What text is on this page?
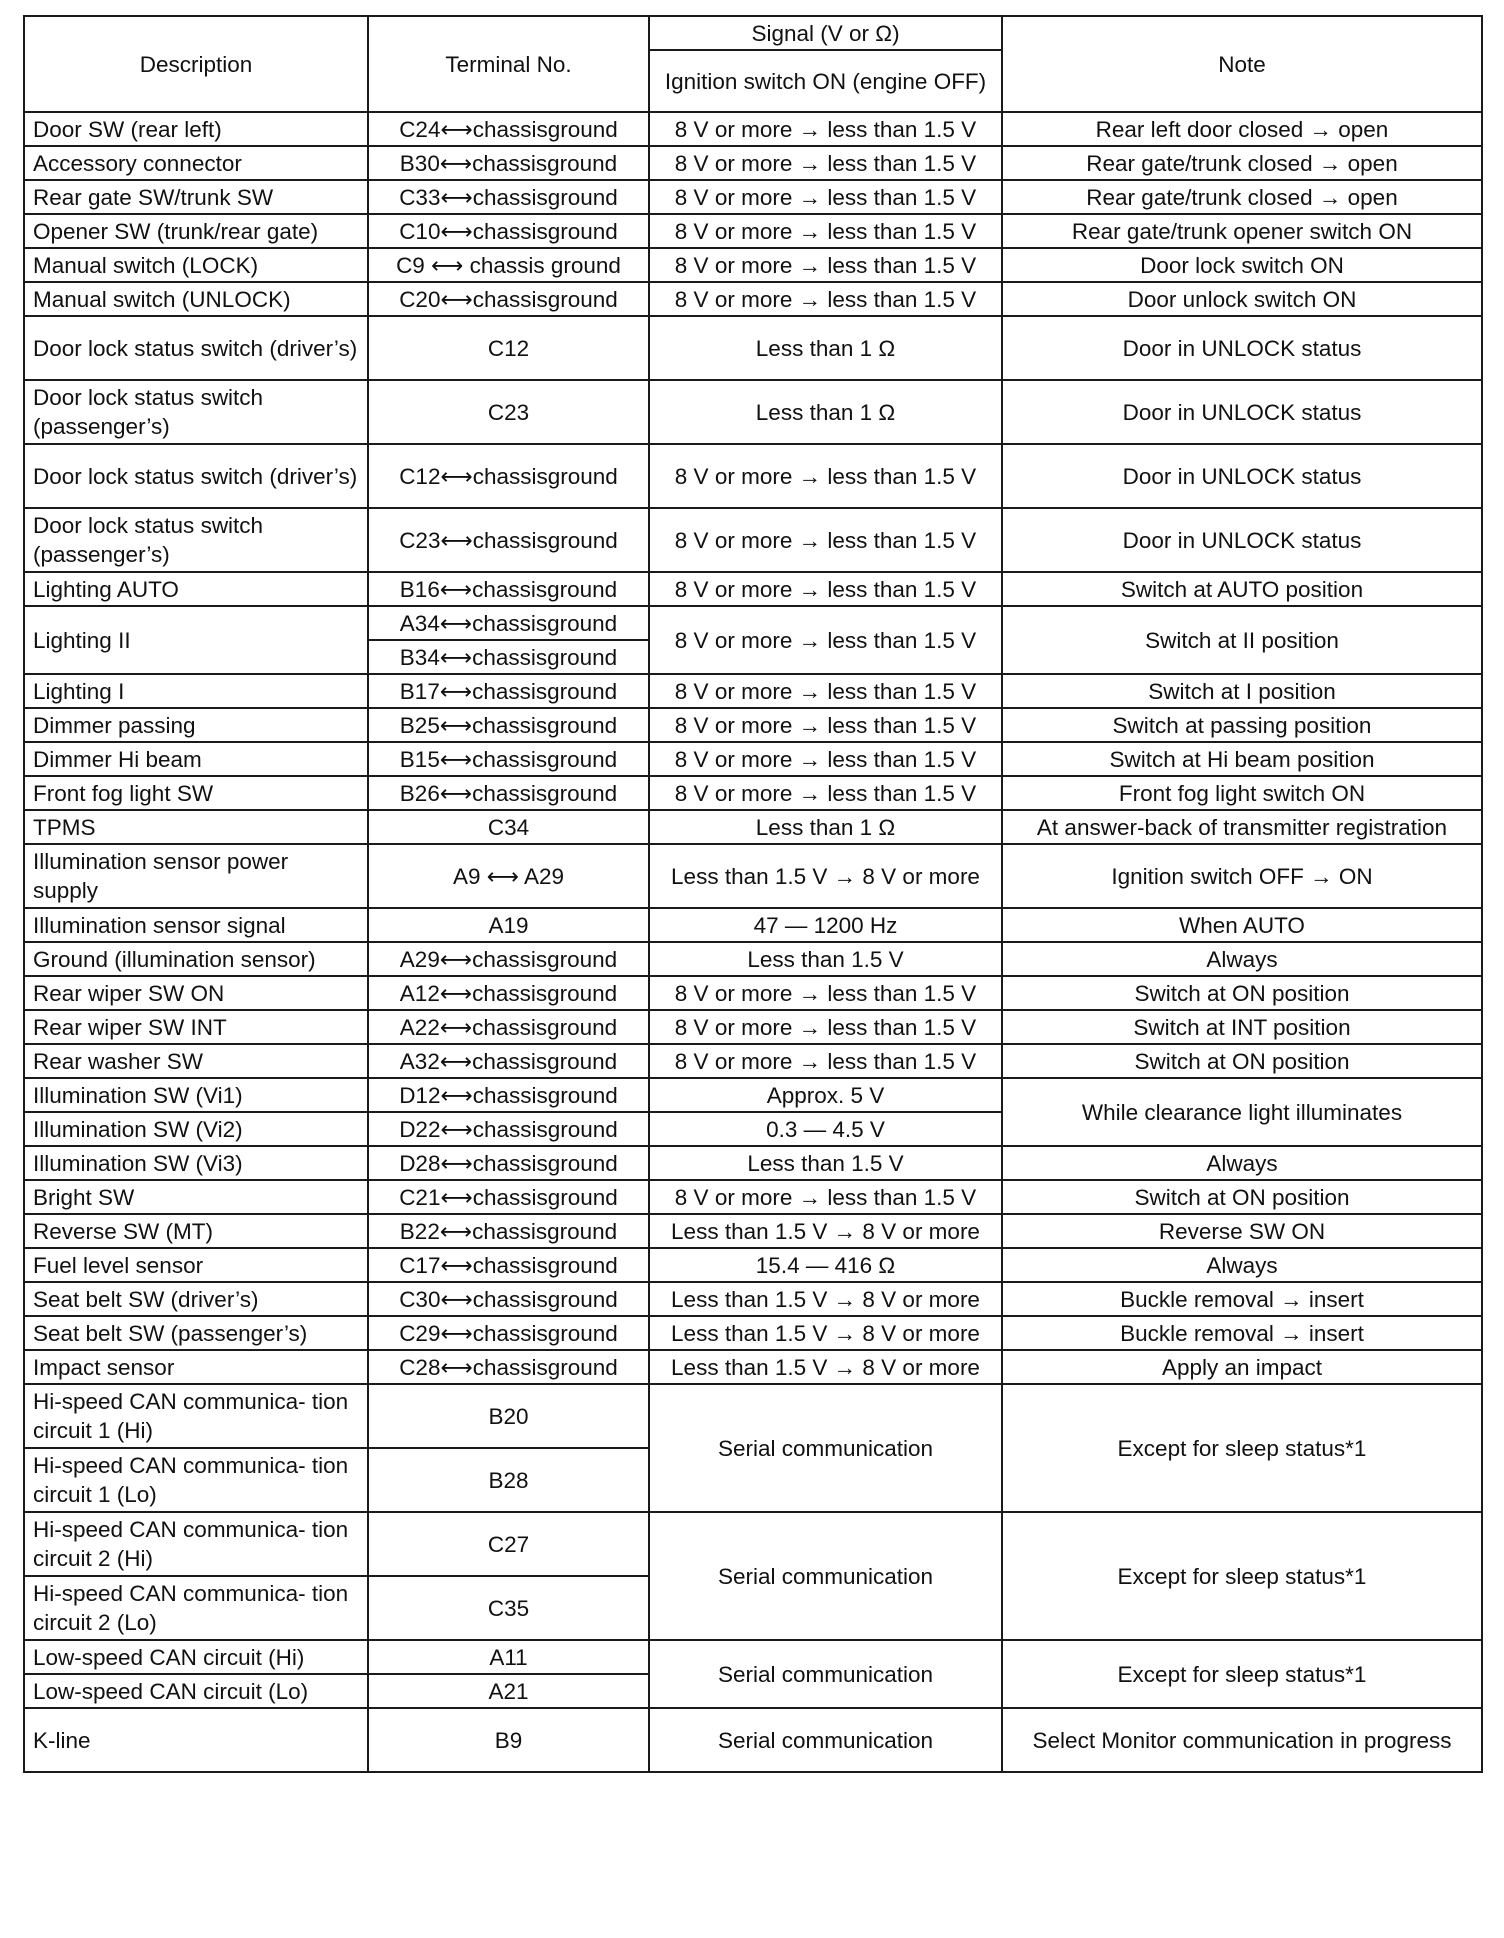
Description	Terminal No.	Signal (V or Ω)	Note
		Ignition switch ON (engine OFF)	
Door SW (rear left)	C24⟷chassisground	8 V or more → less than 1.5 V	Rear left door closed → open
Accessory connector	B30⟷chassisground	8 V or more → less than 1.5 V	Rear gate/trunk closed → open
Rear gate SW/trunk SW	C33⟷chassisground	8 V or more → less than 1.5 V	Rear gate/trunk closed → open
Opener SW (trunk/rear gate)	C10⟷chassisground	8 V or more → less than 1.5 V	Rear gate/trunk opener switch ON
Manual switch (LOCK)	C9 ⟷ chassis ground	8 V or more → less than 1.5 V	Door lock switch ON
Manual switch (UNLOCK)	C20⟷chassisground	8 V or more → less than 1.5 V	Door unlock switch ON
Door lock status switch (driver’s)	C12	Less than 1 Ω	Door in UNLOCK status
Door lock status switch (passenger’s)	C23	Less than 1 Ω	Door in UNLOCK status
Door lock status switch (driver’s)	C12⟷chassisground	8 V or more → less than 1.5 V	Door in UNLOCK status
Door lock status switch (passenger’s)	C23⟷chassisground	8 V or more → less than 1.5 V	Door in UNLOCK status
Lighting AUTO	B16⟷chassisground	8 V or more → less than 1.5 V	Switch at AUTO position
Lighting II	A34⟷chassisground	8 V or more → less than 1.5 V	Switch at II position
	B34⟷chassisground		
Lighting I	B17⟷chassisground	8 V or more → less than 1.5 V	Switch at I position
Dimmer passing	B25⟷chassisground	8 V or more → less than 1.5 V	Switch at passing position
Dimmer Hi beam	B15⟷chassisground	8 V or more → less than 1.5 V	Switch at Hi beam position
Front fog light SW	B26⟷chassisground	8 V or more → less than 1.5 V	Front fog light switch ON
TPMS	C34	Less than 1 Ω	At answer-back of transmitter registration
Illumination sensor power supply	A9 ⟷ A29	Less than 1.5 V → 8 V or more	Ignition switch OFF → ON
Illumination sensor signal	A19	47 — 1200 Hz	When AUTO
Ground (illumination sensor)	A29⟷chassisground	Less than 1.5 V	Always
Rear wiper SW ON	A12⟷chassisground	8 V or more → less than 1.5 V	Switch at ON position
Rear wiper SW INT	A22⟷chassisground	8 V or more → less than 1.5 V	Switch at INT position
Rear washer SW	A32⟷chassisground	8 V or more → less than 1.5 V	Switch at ON position
Illumination SW (Vi1)	D12⟷chassisground	Approx. 5 V	While clearance light illuminates
Illumination SW (Vi2)	D22⟷chassisground	0.3 — 4.5 V	
Illumination SW (Vi3)	D28⟷chassisground	Less than 1.5 V	Always
Bright SW	C21⟷chassisground	8 V or more → less than 1.5 V	Switch at ON position
Reverse SW (MT)	B22⟷chassisground	Less than 1.5 V → 8 V or more	Reverse SW ON
Fuel level sensor	C17⟷chassisground	15.4 — 416 Ω	Always
Seat belt SW (driver’s)	C30⟷chassisground	Less than 1.5 V → 8 V or more	Buckle removal → insert
Seat belt SW (passenger’s)	C29⟷chassisground	Less than 1.5 V → 8 V or more	Buckle removal → insert
Impact sensor	C28⟷chassisground	Less than 1.5 V → 8 V or more	Apply an impact
Hi-speed CAN communica- tion circuit 1 (Hi)	B20	Serial communication	Except for sleep status*1
Hi-speed CAN communica- tion circuit 1 (Lo)	B28		
Hi-speed CAN communica- tion circuit 2 (Hi)	C27	Serial communication	Except for sleep status*1
Hi-speed CAN communica- tion circuit 2 (Lo)	C35		
Low-speed CAN circuit (Hi)	A11	Serial communication	Except for sleep status*1
Low-speed CAN circuit (Lo)	A21		
K-line	B9	Serial communication	Select Monitor communication in progress
